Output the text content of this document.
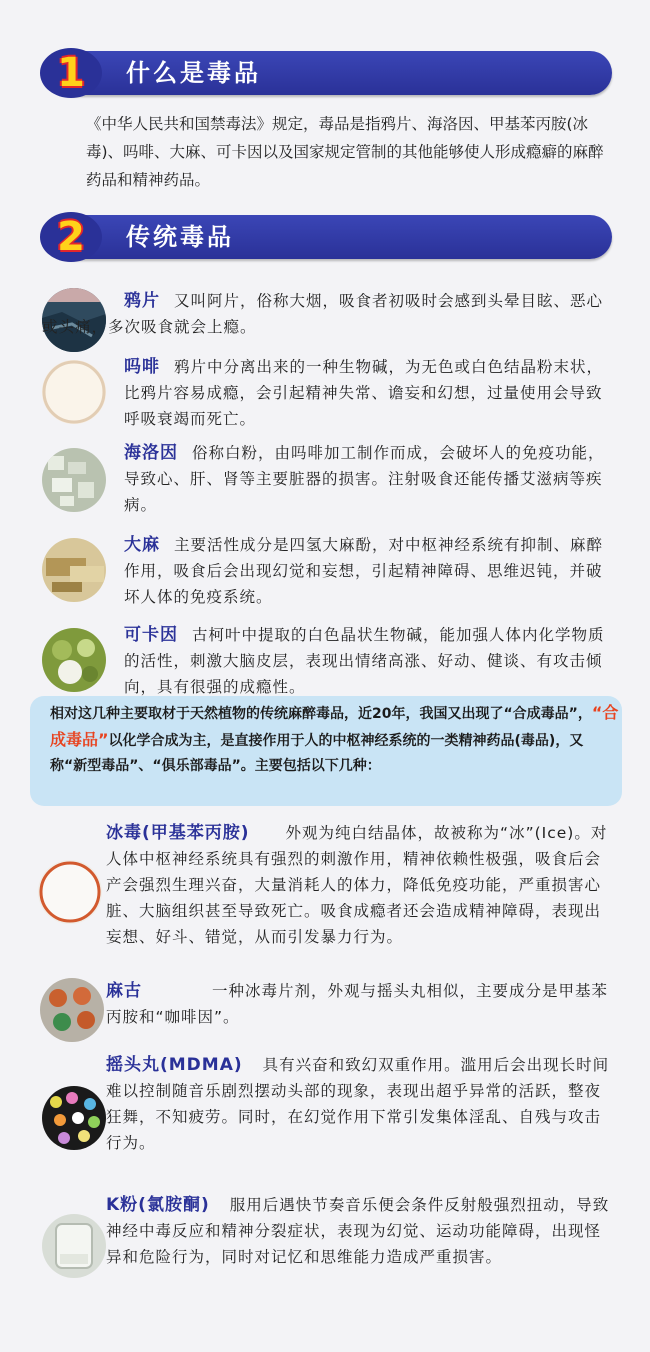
1 什么是毒品
《中华人民共和国禁毒法》规定，毒品是指鸦片、海洛因、甲基苯丙胺(冰毒)、吗啡、大麻、可卡因以及国家规定管制的其他能够使人形成瘾癖的麻醉药品和精神药品。
2 传统毒品
鸦片 又叫阿片，俗称大烟，吸食者初吸时会感到头晕目眩、恶心或头痛，多次吸食就会上瘾。
吗啡 鸦片中分离出来的一种生物碱，为无色或白色结晶粉末状，比鸦片容易成瘾，会引起精神失常、谵妄和幻想，过量使用会导致呼吸衰竭而死亡。
海洛因 俗称白粉，由吗啡加工制作而成，会破坏人的免疫功能，导致心、肝、肾等主要脏器的损害。注射吸食还能传播艾滋病等疾病。
大麻 主要活性成分是四氢大麻酚，对中枢神经系统有抑制、麻醉作用，吸食后会出现幻觉和妄想，引起精神障碍、思维迟钝，并破坏人体的免疫系统。
可卡因 古柯叶中提取的白色晶状生物碱，能加强人体内化学物质的活性，刺激大脑皮层，表现出情绪高涨、好动、健谈、有攻击倾向，具有很强的成瘾性。
相对这几种主要取材于天然植物的传统麻醉毒品，近20年，我国又出现了“合成毒品”，“合成毒品”以化学合成为主，是直接作用于人的中枢神经系统的一类精神药品(毒品)，又称“新型毒品”、“俱乐部毒品”。主要包括以下几种：
冰毒(甲基苯丙胺) 外观为纯白结晶体，故被称为“冰”(Ice)。对人体中枢神经系统具有强烈的刺激作用，精神依赖性极强，吸食后会产会强烈生理兴奋，大量消耗人的体力，降低免疫功能，严重损害心脏、大脑组织甚至导致死亡。吸食成瘾者还会造成精神障碍，表现出妄想、好斗、错觉，从而引发暴力行为。
麻古	一种冰毒片剂，外观与摇头丸相似，主要成分是甲基苯丙胺和“咖啡因”。
摇头丸(MDMA) 具有兴奋和致幻双重作用。滥用后会出现长时间难以控制随音乐剧烈摆动头部的现象，表现出超乎异常的活跃，整夜狂舞，不知疲劳。同时，在幻觉作用下常引发集体淫乱、自残与攻击行为。
K粉(氯胺酮) 服用后遇快节奏音乐便会条件反射般强烈扭动，导致神经中毒反应和精神分裂症状，表现为幻觉、运动功能障碍，出现怪异和危险行为，同时对记忆和思维能力造成严重损害。
